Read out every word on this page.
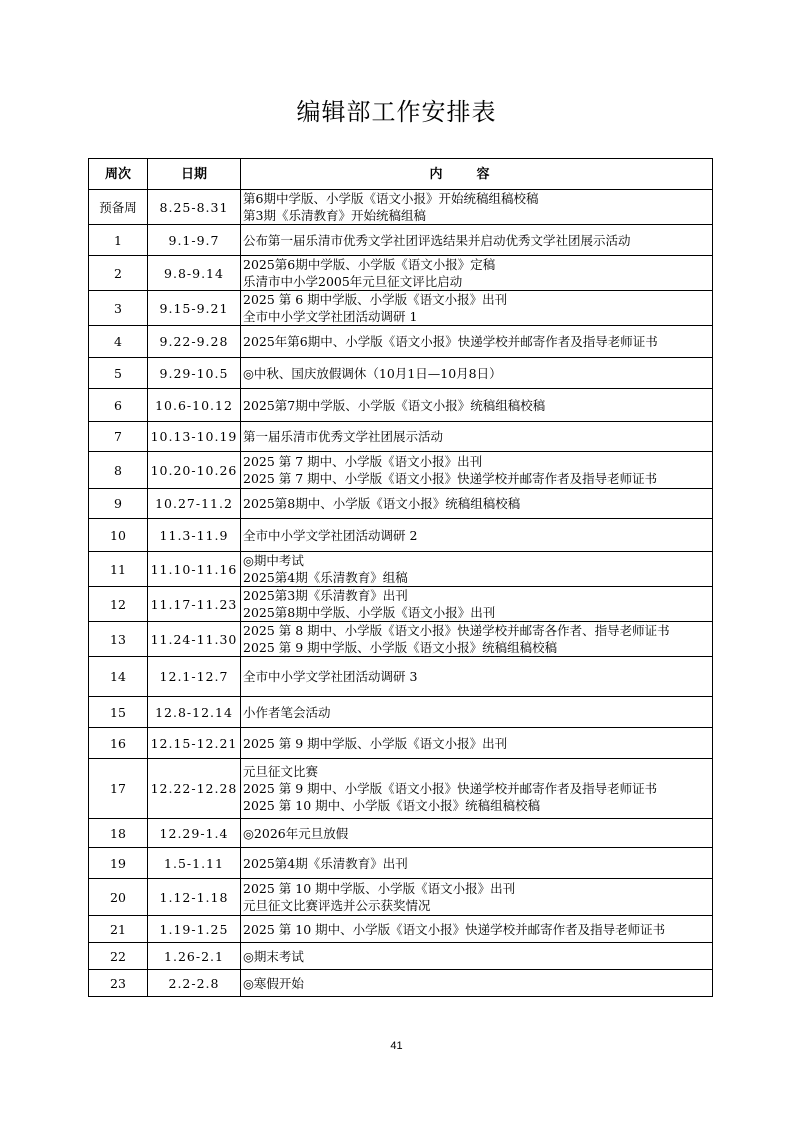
编辑部工作安排表
周次	日期	内容
预备周	8.25-8.31	第6期中学版、小学版《语文小报》开始统稿组稿校稿
第3期《乐清教育》开始统稿组稿

1	9.1-9.7	公布第一届乐清市优秀文学社团评选结果并启动优秀文学社团展示活动

2	9.8-9.14	2025第6期中学版、小学版《语文小报》定稿
乐清市中小学2005年元旦征文评比启动

3	9.15-9.21	2025 第 6 期中学版、小学版《语文小报》出刊
全市中小学文学社团活动调研 1

4	9.22-9.28	2025年第6期中、小学版《语文小报》快递学校并邮寄作者及指导老师证书

5	9.29-10.5	◎中秋、国庆放假调休（10月1日—10月8日）

6	10.6-10.12	2025第7期中学版、小学版《语文小报》统稿组稿校稿

7	10.13-10.19	第一届乐清市优秀文学社团展示活动

8	10.20-10.26	2025 第 7 期中、小学版《语文小报》出刊
2025 第 7 期中、小学版《语文小报》快递学校并邮寄作者及指导老师证书

9	10.27-11.2	2025第8期中、小学版《语文小报》统稿组稿校稿

10	11.3-11.9	全市中小学文学社团活动调研 2

11	11.10-11.16	◎期中考试
2025第4期《乐清教育》组稿

12	11.17-11.23	2025第3期《乐清教育》出刊
2025第8期中学版、小学版《语文小报》出刊

13	11.24-11.30	2025 第 8 期中、小学版《语文小报》快递学校并邮寄各作者、指导老师证书
2025 第 9 期中学版、小学版《语文小报》统稿组稿校稿

14	12.1-12.7	全市中小学文学社团活动调研 3

15	12.8-12.14	小作者笔会活动

16	12.15-12.21	2025 第 9 期中学版、小学版《语文小报》出刊

17	12.22-12.28	元旦征文比赛
2025 第 9 期中、小学版《语文小报》快递学校并邮寄作者及指导老师证书
2025 第 10 期中、小学版《语文小报》统稿组稿校稿

18	12.29-1.4	◎2026年元旦放假

19	1.5-1.11	2025第4期《乐清教育》出刊

20	1.12-1.18	2025 第 10 期中学版、小学版《语文小报》出刊
元旦征文比赛评选并公示获奖情况

21	1.19-1.25	2025 第 10 期中、小学版《语文小报》快递学校并邮寄作者及指导老师证书

22	1.26-2.1	◎期末考试

23	2.2-2.8	◎寒假开始
41
